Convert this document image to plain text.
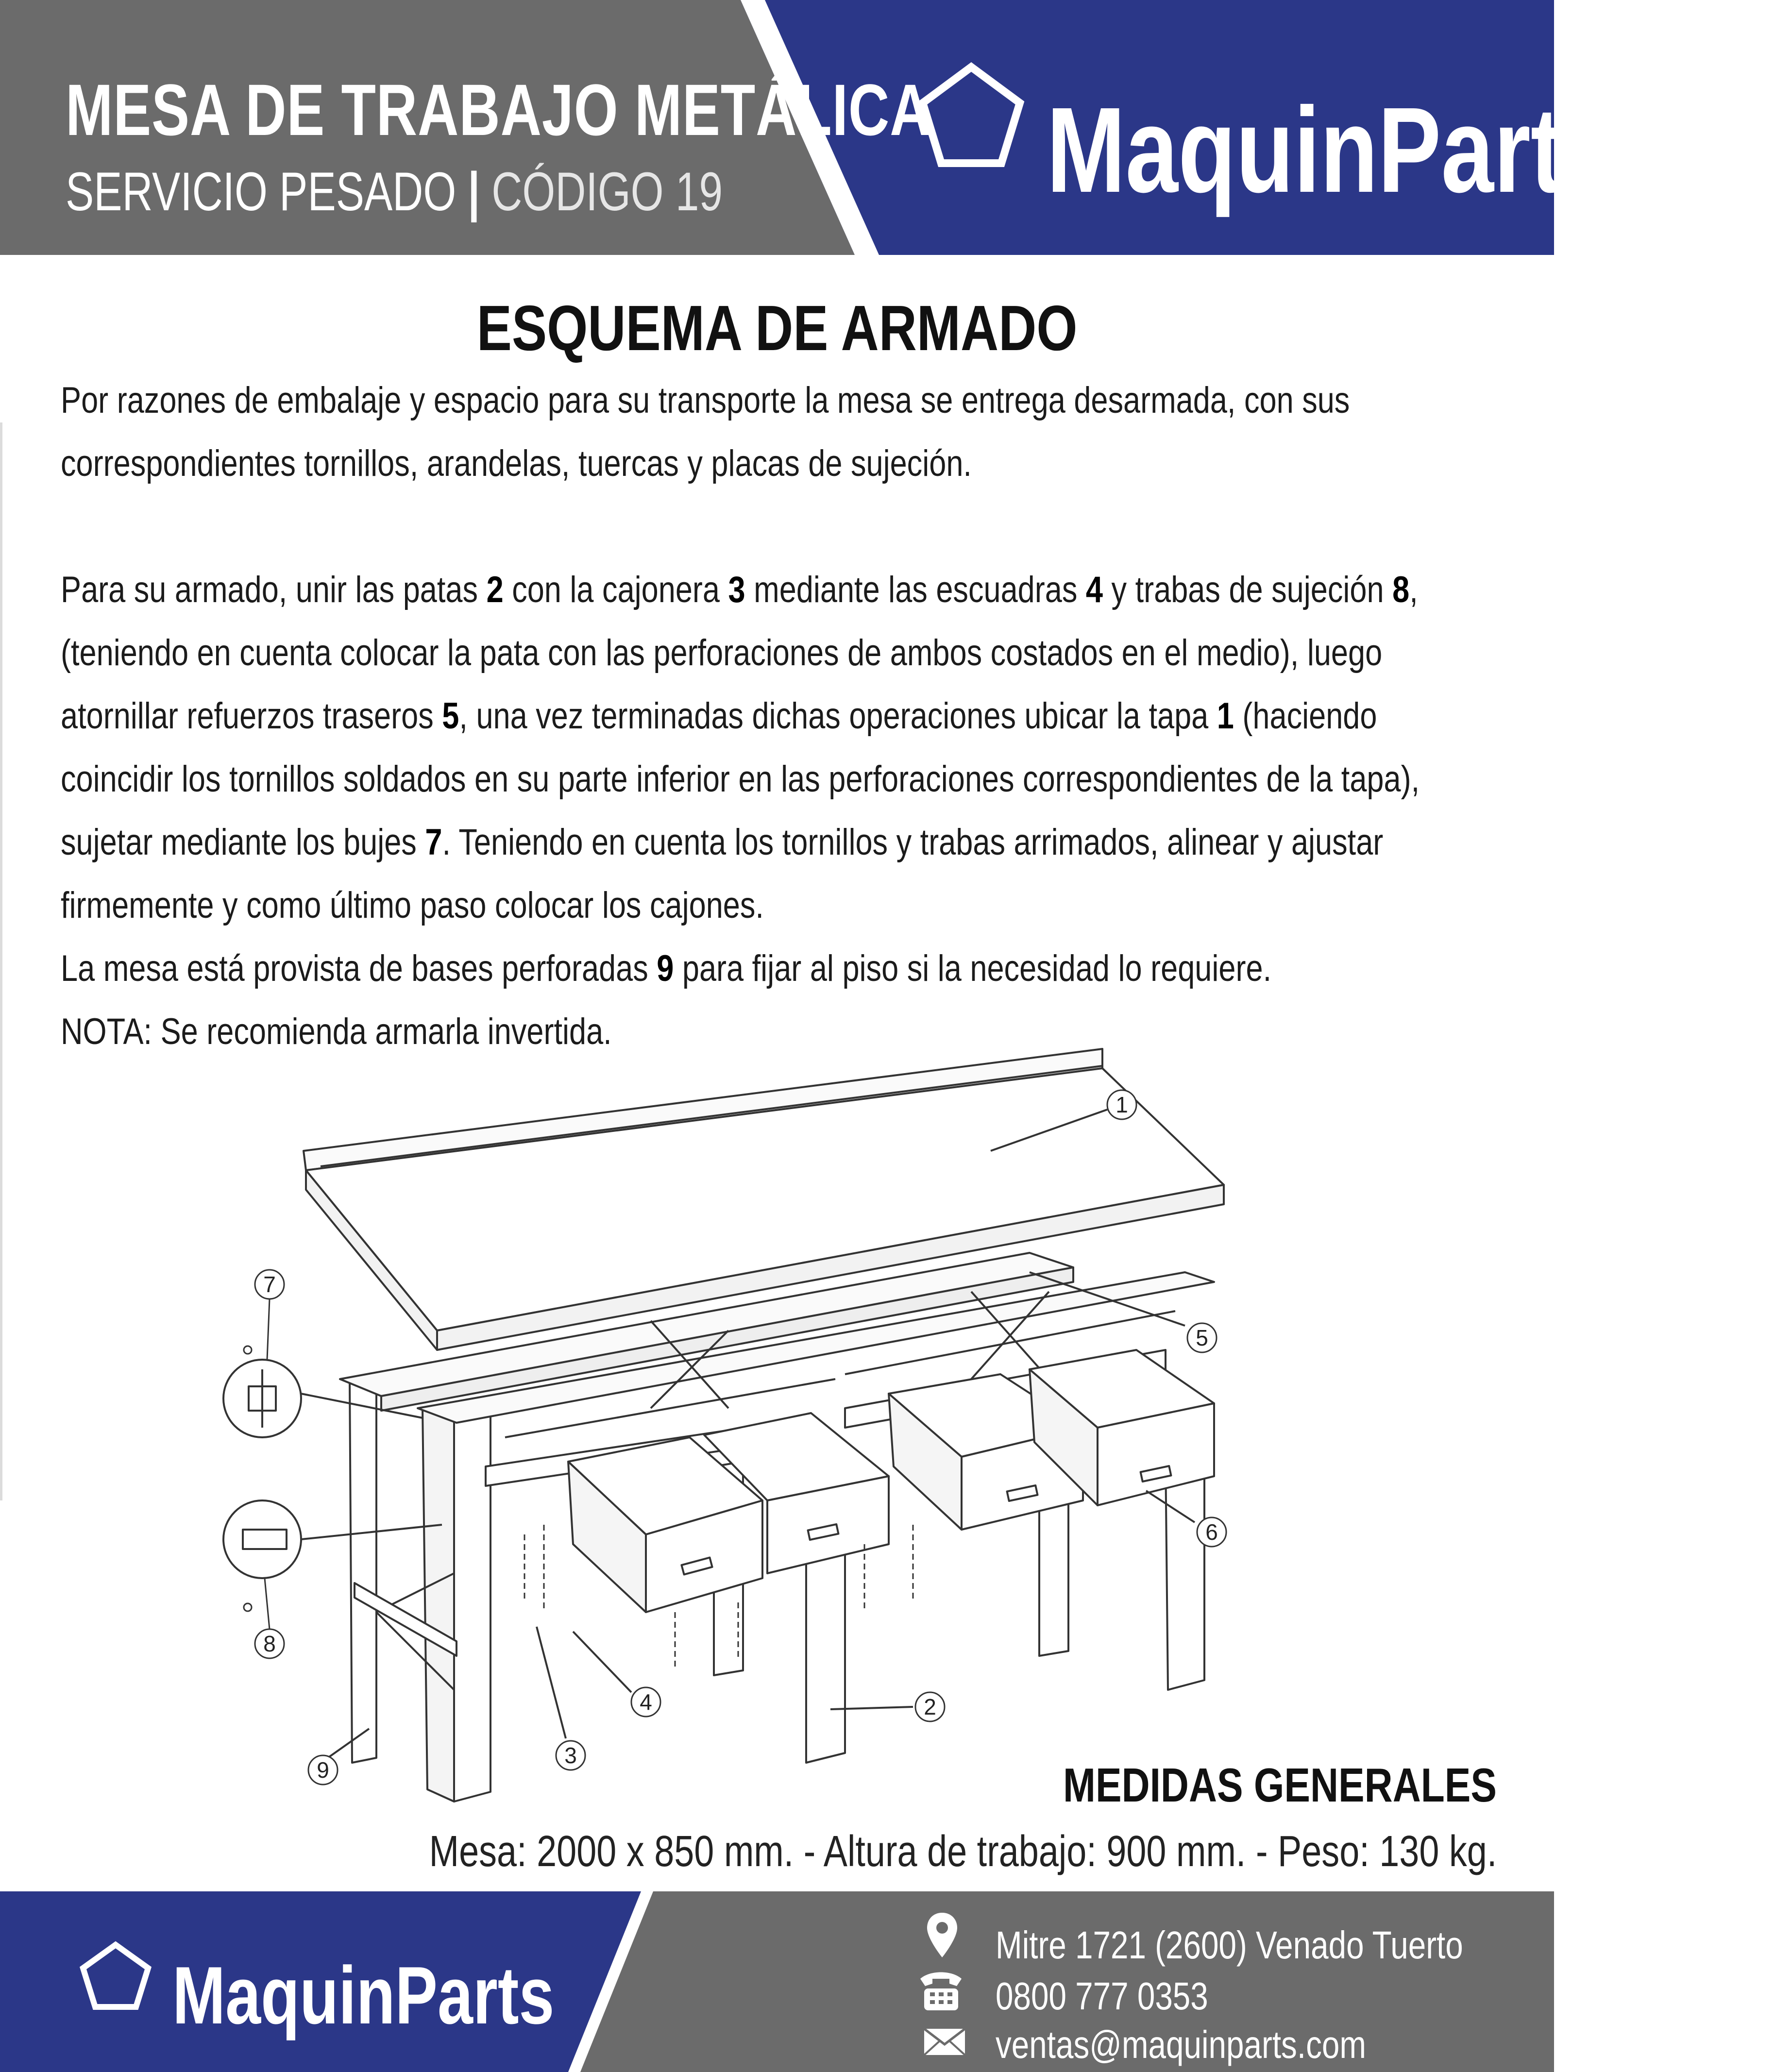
MESA DE TRABAJO METÁLICA
SERVICIO PESADO | CÓDIGO 19	MaquinParts
ESQUEMA DE ARMADO
Por razones de embalaje y espacio para su transporte la mesa se entrega desarmada, con sus
correspondientes tornillos, arandelas, tuercas y placas de sujeción.
Para su armado, unir las patas 2 con la cajonera 3 mediante las escuadras 4 y trabas de sujeción 8,
(teniendo en cuenta colocar la pata con las perforaciones de ambos costados en el medio), luego
atornillar refuerzos traseros 5, una vez terminadas dichas operaciones ubicar la tapa 1 (haciendo
coincidir los tornillos soldados en su parte inferior en las perforaciones correspondientes de la tapa),
sujetar mediante los bujes 7. Teniendo en cuenta los tornillos y trabas arrimados, alinear y ajustar
firmemente y como último paso colocar los cajones.
La mesa está provista de bases perforadas 9 para fijar al piso si la necesidad lo requiere.
NOTA: Se recomienda armarla invertida.
1
2
3
4
5
6
7
8
9	MEDIDAS GENERALES
Mesa: 2000 x 850 mm. - Altura de trabajo: 900 mm. - Peso: 130 kg.
MaquinParts
Mitre 1721 (2600) Venado Tuerto
0800 777 0353
ventas@maquinparts.com
